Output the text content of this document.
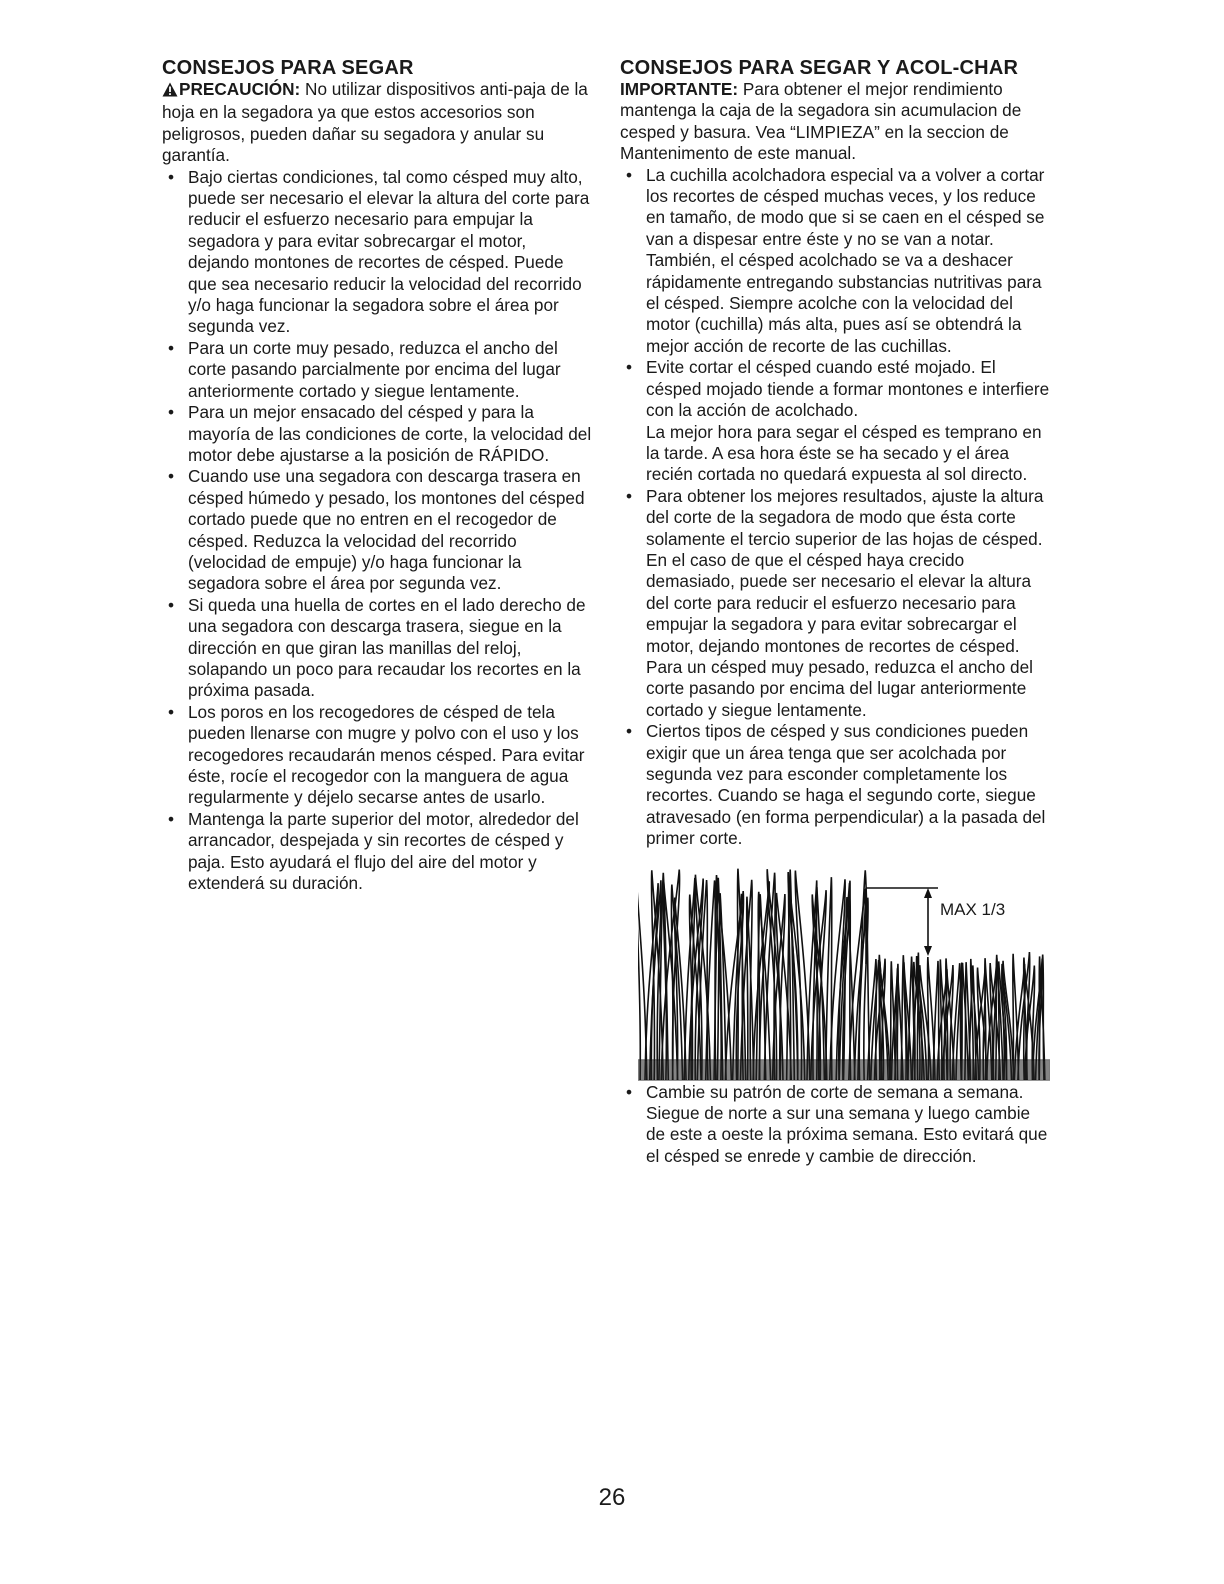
CONSEJOS PARA SEGAR

PRECAUCIÓN: No utilizar dispositivos anti-paja de la hoja en la segadora ya que estos accesorios son peligrosos, pueden dañar su segadora y anular su garantía.

• Bajo ciertas condiciones, tal como césped muy alto, puede ser necesario el elevar la altura del corte para reducir el esfuerzo necesario para empujar la segadora y para evitar sobrecargar el motor, dejando montones de recortes de césped. Puede que sea necesario reducir la velocidad del recorrido y/o haga funcionar la segadora sobre el área por segunda vez.
• Para un corte muy pesado, reduzca el ancho del corte pasando parcialmente por encima del lugar anteriormente cortado y siegue lentamente.
• Para un mejor ensacado del césped y para la mayoría de las condiciones de corte, la velocidad del motor debe ajustarse a la posición de RÁPIDO.
• Cuando use una segadora con descarga trasera en césped húmedo y pesado, los montones del césped cortado puede que no entren en el recogedor de césped. Reduzca la velocidad del recorrido (velocidad de empuje) y/o haga funcionar la segadora sobre el área por segunda vez.
• Si queda una huella de cortes en el lado derecho de una segadora con descarga trasera, siegue en la dirección en que giran las manillas del reloj, solapando un poco para recaudar los recortes en la próxima pasada.
• Los poros en los recogedores de césped de tela pueden llenarse con mugre y polvo con el uso y los recogedores recaudarán menos césped. Para evitar éste, rocíe el recogedor con la manguera de agua regularmente y déjelo secarse antes de usarlo.
• Mantenga la parte superior del motor, alrededor del arrancador, despejada y sin recortes de césped y paja. Esto ayudará el flujo del aire del motor y extenderá su duración.
CONSEJOS PARA SEGAR Y ACOL-CHAR

IMPORTANTE: Para obtener el mejor rendimiento mantenga la caja de la segadora sin acumulacion de cesped y basura. Vea “LIMPIEZA” en la seccion de Mantenimento de este manual.

• La cuchilla acolchadora especial va a volver a cortar los recortes de césped muchas veces, y los reduce en tamaño, de modo que si se caen en el césped se van a dispesar entre éste y no se van a notar. También, el césped acolchado se va a deshacer rápidamente entregando substancias nutritivas para el césped. Siempre acolche con la velocidad del motor (cuchilla) más alta, pues así se obtendrá la mejor acción de recorte de las cuchillas.
• Evite cortar el césped cuando esté mojado. El césped mojado tiende a formar montones e interfiere con la acción de acolchado.
La mejor hora para segar el césped es temprano en la tarde. A esa hora éste se ha secado y el área recién cortada no quedará expuesta al sol directo.
• Para obtener los mejores resultados, ajuste la altura del corte de la segadora de modo que ésta corte solamente el tercio superior de las hojas de césped. En el caso de que el césped haya crecido demasiado, puede ser necesario el elevar la altura del corte para reducir el esfuerzo necesario para empujar la segadora y para evitar sobrecargar el motor, dejando montones de recortes de césped. Para un césped muy pesado, reduzca el ancho del corte pasando por encima del lugar anteriormente cortado y siegue lentamente.
• Ciertos tipos de césped y sus condiciones pueden exigir que un área tenga que ser acolchada por segunda vez para esconder completamente los recortes. Cuando se haga el segundo corte, siegue atravesado (en forma perpendicular) a la pasada del primer corte.
MAX 1/3
• Cambie su patrón de corte de semana a semana. Siegue de norte a sur una semana y luego cambie de este a oeste la próxima semana. Esto evitará que el césped se enrede y cambie de dirección.
26
